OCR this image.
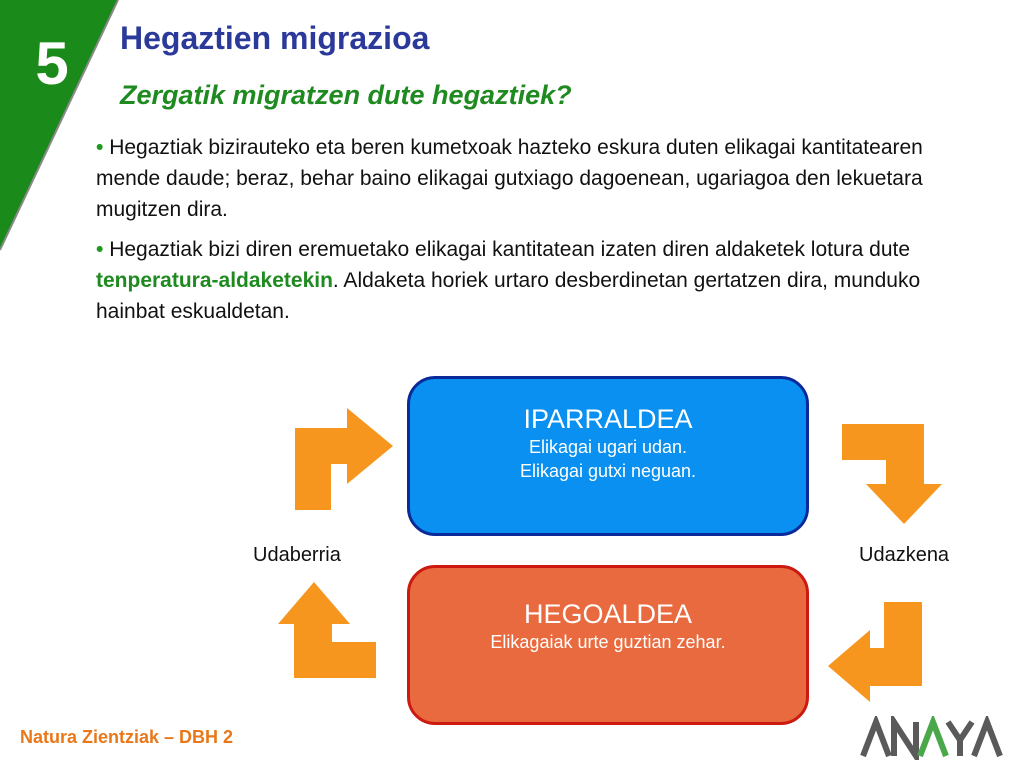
5	Hegaztien migrazioa
Zergatik migratzen dute hegaztiek?
• Hegaztiak bizirauteko eta beren kumetxoak hazteko eskura duten elikagai kantitatearen mende daude; beraz, behar baino elikagai gutxiago dagoenean, ugariagoa den lekuetara mugitzen dira.
• Hegaztiak bizi diren eremuetako elikagai kantitatean izaten diren aldaketek lotura dute tenperatura-aldaketekin. Aldaketa horiek urtaro desberdinetan gertatzen dira, munduko hainbat eskualdetan.
IPARRALDEA
Elikagai ugari udan.
Elikagai gutxi neguan.
HEGOALDEA
Elikagaiak urte guztian zehar.
Udaberria	Udazkena
Natura Zientziak – DBH 2
